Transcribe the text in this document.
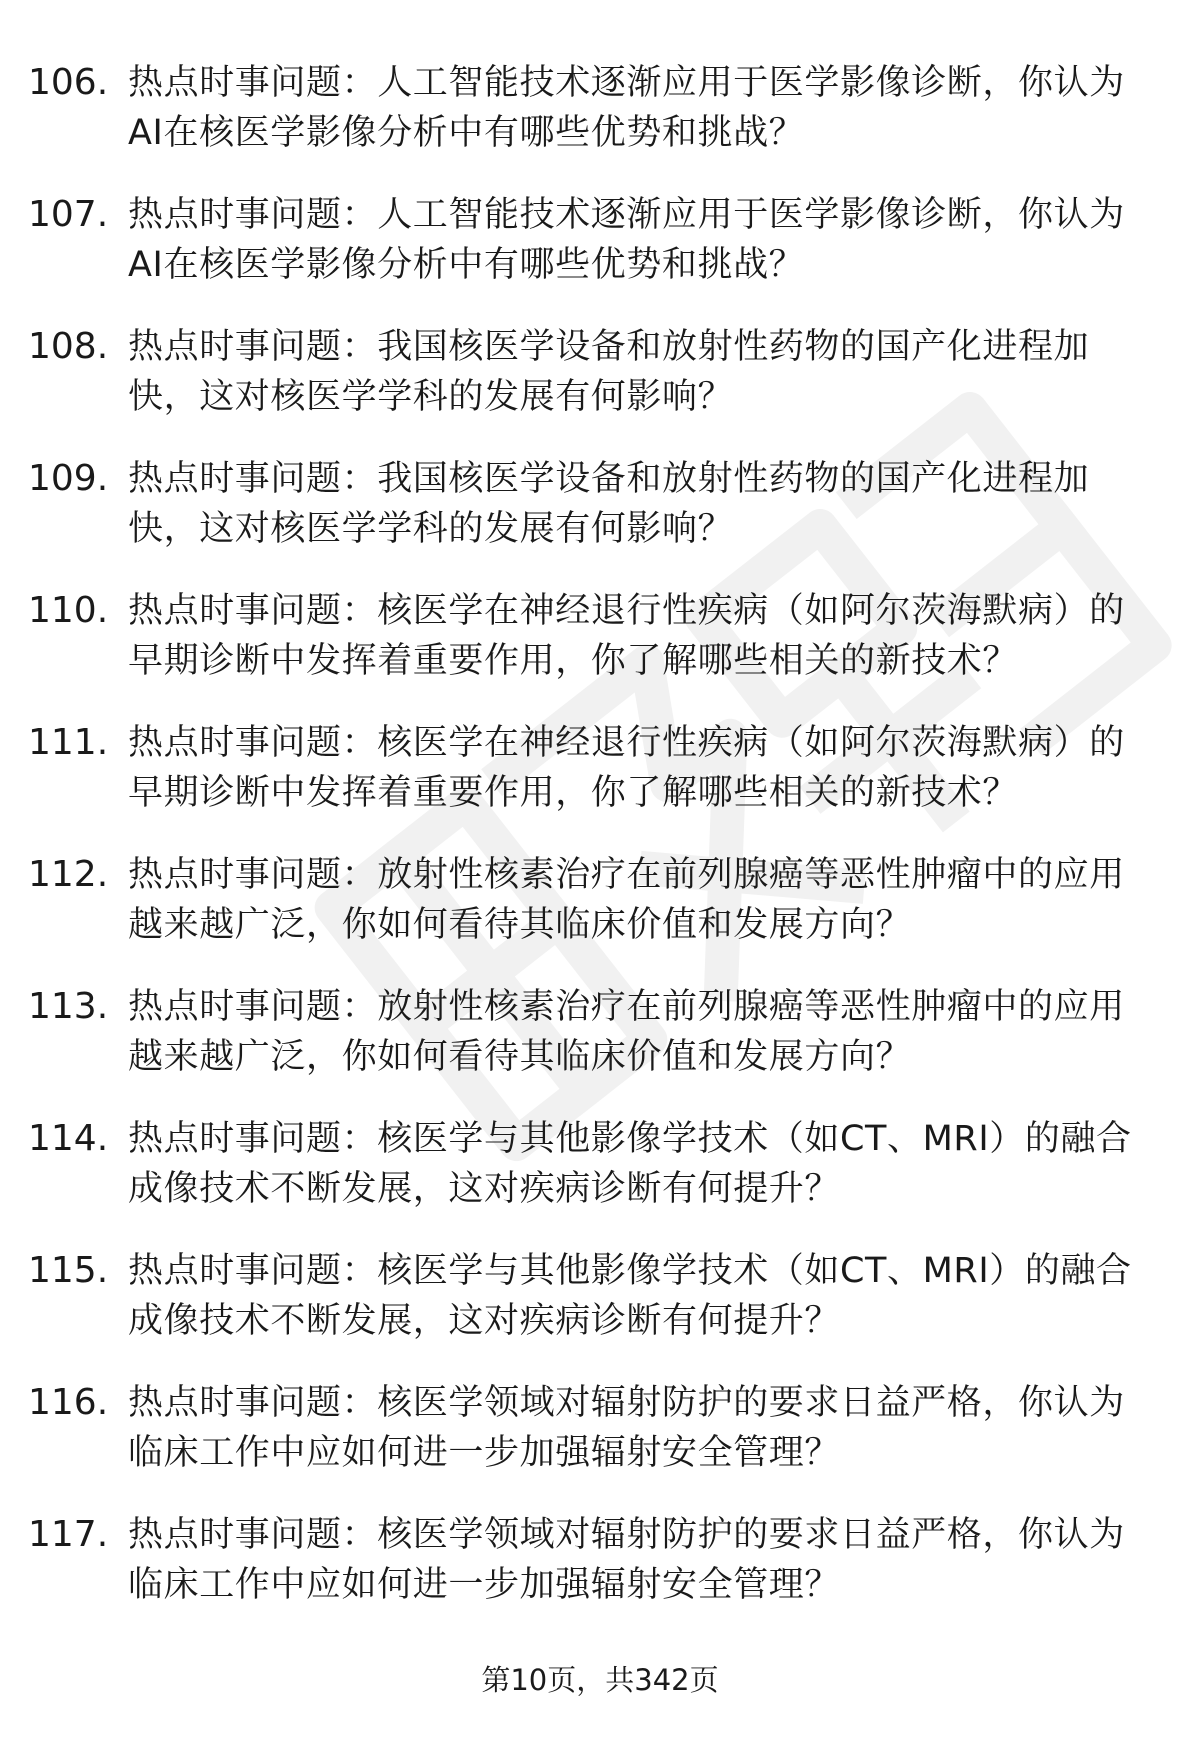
106. 热点时事问题：人工智能技术逐渐应用于医学影像诊断，你认为AI在核医学影像分析中有哪些优势和挑战？
107. 热点时事问题：人工智能技术逐渐应用于医学影像诊断，你认为AI在核医学影像分析中有哪些优势和挑战？
108. 热点时事问题：我国核医学设备和放射性药物的国产化进程加快，这对核医学学科的发展有何影响？
109. 热点时事问题：我国核医学设备和放射性药物的国产化进程加快，这对核医学学科的发展有何影响？
110. 热点时事问题：核医学在神经退行性疾病（如阿尔茨海默病）的早期诊断中发挥着重要作用，你了解哪些相关的新技术？
111. 热点时事问题：核医学在神经退行性疾病（如阿尔茨海默病）的早期诊断中发挥着重要作用，你了解哪些相关的新技术？
112. 热点时事问题：放射性核素治疗在前列腺癌等恶性肿瘤中的应用越来越广泛，你如何看待其临床价值和发展方向？
113. 热点时事问题：放射性核素治疗在前列腺癌等恶性肿瘤中的应用越来越广泛，你如何看待其临床价值和发展方向？
114. 热点时事问题：核医学与其他影像学技术（如CT、MRI）的融合成像技术不断发展，这对疾病诊断有何提升？
115. 热点时事问题：核医学与其他影像学技术（如CT、MRI）的融合成像技术不断发展，这对疾病诊断有何提升？
116. 热点时事问题：核医学领域对辐射防护的要求日益严格，你认为临床工作中应如何进一步加强辐射安全管理？
117. 热点时事问题：核医学领域对辐射防护的要求日益严格，你认为临床工作中应如何进一步加强辐射安全管理？
第10页，共342页
